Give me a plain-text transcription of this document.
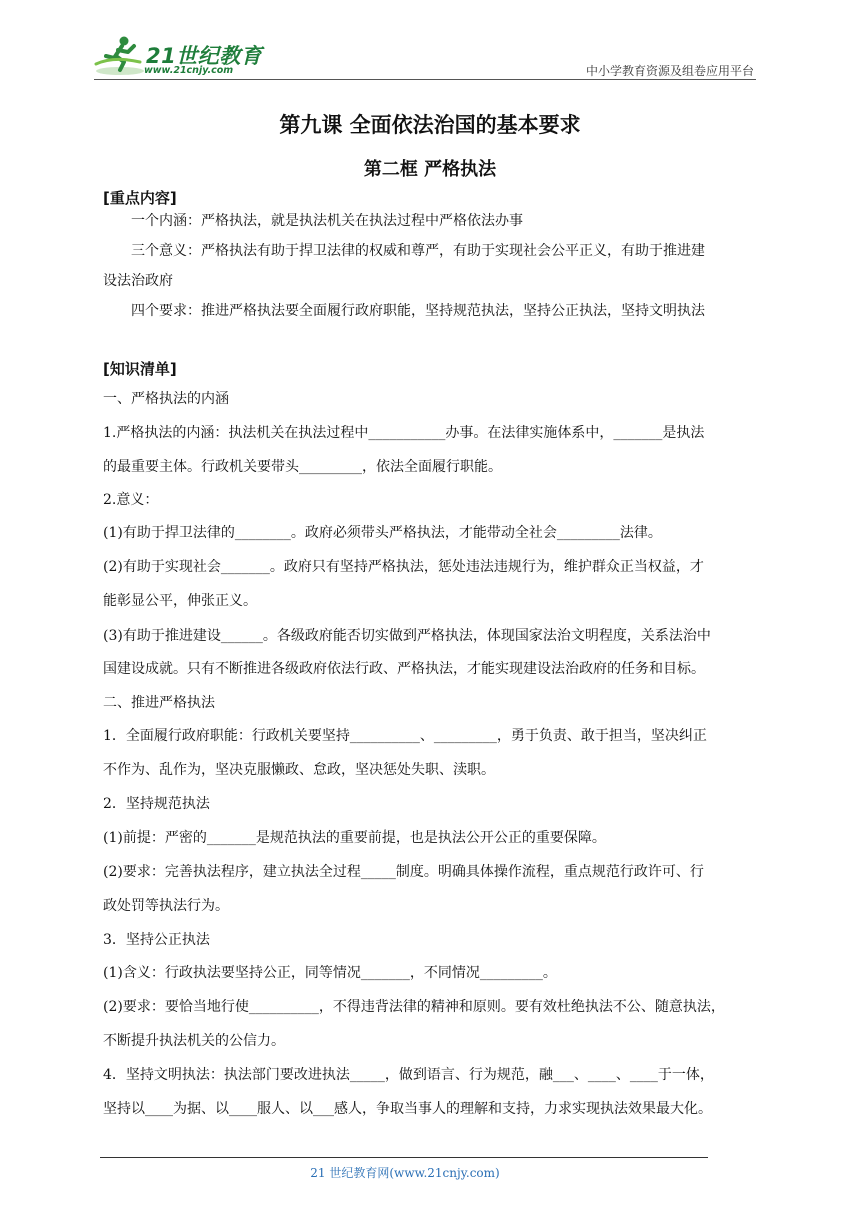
21世纪教育
www.21cnjy.com	中小学教育资源及组卷应用平台
第九课 全面依法治国的基本要求
第二框 严格执法
[重点内容]
一个内涵：严格执法，就是执法机关在执法过程中严格依法办事
三个意义：严格执法有助于捍卫法律的权威和尊严，有助于实现社会公平正义，有助于推进建
设法治政府
四个要求：推进严格执法要全面履行政府职能，坚持规范执法，坚持公正执法，坚持文明执法
[知识清单]
一、严格执法的内涵
1.严格执法的内涵：执法机关在执法过程中___________办事。在法律实施体系中，_______是执法
的最重要主体。行政机关要带头_________，依法全面履行职能。
2.意义：
(1)有助于捍卫法律的________。政府必须带头严格执法，才能带动全社会_________法律。
(2)有助于实现社会_______。政府只有坚持严格执法，惩处违法违规行为，维护群众正当权益，才
能彰显公平，伸张正义。
(3)有助于推进建设______。各级政府能否切实做到严格执法，体现国家法治文明程度，关系法治中
国建设成就。只有不断推进各级政府依法行政、严格执法，才能实现建设法治政府的任务和目标。
二、推进严格执法
1．全面履行政府职能：行政机关要坚持__________、_________，勇于负责、敢于担当，坚决纠正
不作为、乱作为，坚决克服懒政、怠政，坚决惩处失职、渎职。
2．坚持规范执法
(1)前提：严密的_______是规范执法的重要前提，也是执法公开公正的重要保障。
(2)要求：完善执法程序，建立执法全过程_____制度。明确具体操作流程，重点规范行政许可、行
政处罚等执法行为。
3．坚持公正执法
(1)含义：行政执法要坚持公正，同等情况_______，不同情况_________。
(2)要求：要恰当地行使__________，不得违背法律的精神和原则。要有效杜绝执法不公、随意执法，
不断提升执法机关的公信力。
4．坚持文明执法：执法部门要改进执法_____，做到语言、行为规范，融___、____、____于一体，
坚持以____为据、以____服人、以___感人，争取当事人的理解和支持，力求实现执法效果最大化。
21 世纪教育网(www.21cnjy.com)
